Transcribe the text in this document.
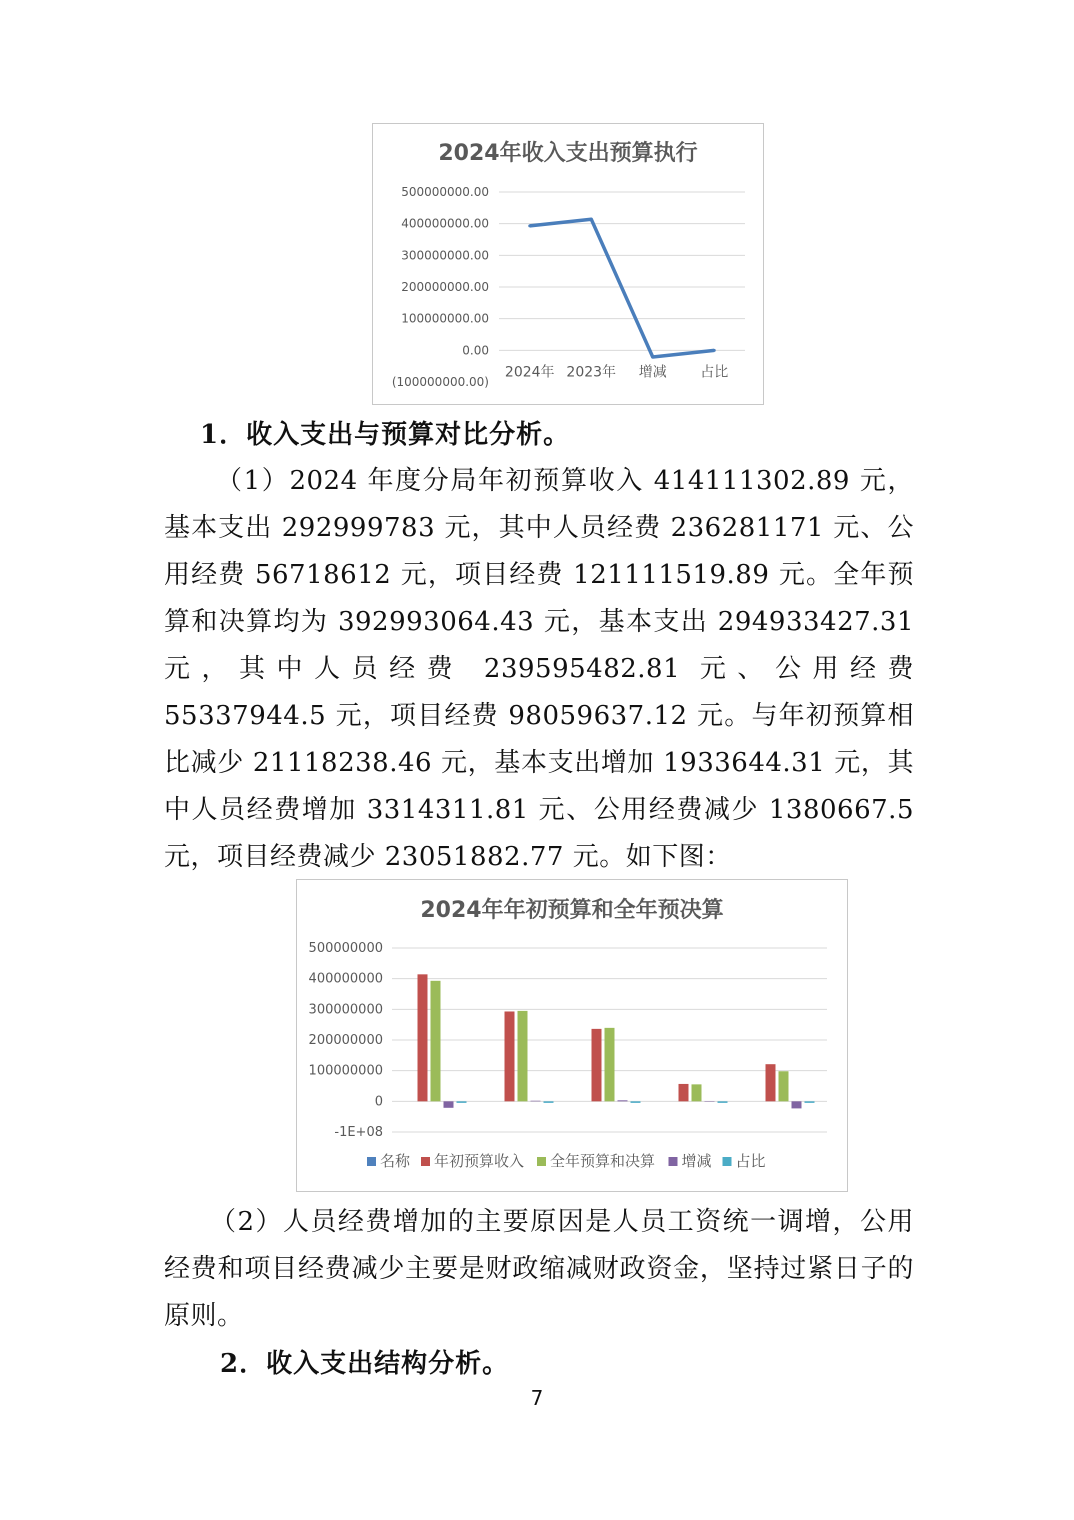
2024年收入支出预算执行
500000000.00
400000000.00
300000000.00
200000000.00
100000000.00
0.00
(100000000.00)
2024年 2023年 增减 占比
1．收入支出与预算对比分析。

（1）2024 年度分局年初预算收入 414111302.89 元，基本支出 292999783 元，其中人员经费 236281171 元、公用经费 56718612 元，项目经费 121111519.89 元。全年预算和决算均为 392993064.43 元，基本支出 294933427.31 元，其中人员经费 239595482.81 元、公用经费 55337944.5 元，项目经费 98059637.12 元。与年初预算相比减少 21118238.46 元，基本支出增加 1933644.31 元，其中人员经费增加 3314311.81 元、公用经费减少 1380667.5 元，项目经费减少 23051882.77 元。如下图：

2024年年初预算和全年预决算
500000000
400000000
300000000
200000000
100000000
0
-1E+08
名称 年初预算收入 全年预算和决算 增减 占比

（2）人员经费增加的主要原因是人员工资统一调增，公用经费和项目经费减少主要是财政缩减财政资金，坚持过紧日子的原则。

2．收入支出结构分析。
7
